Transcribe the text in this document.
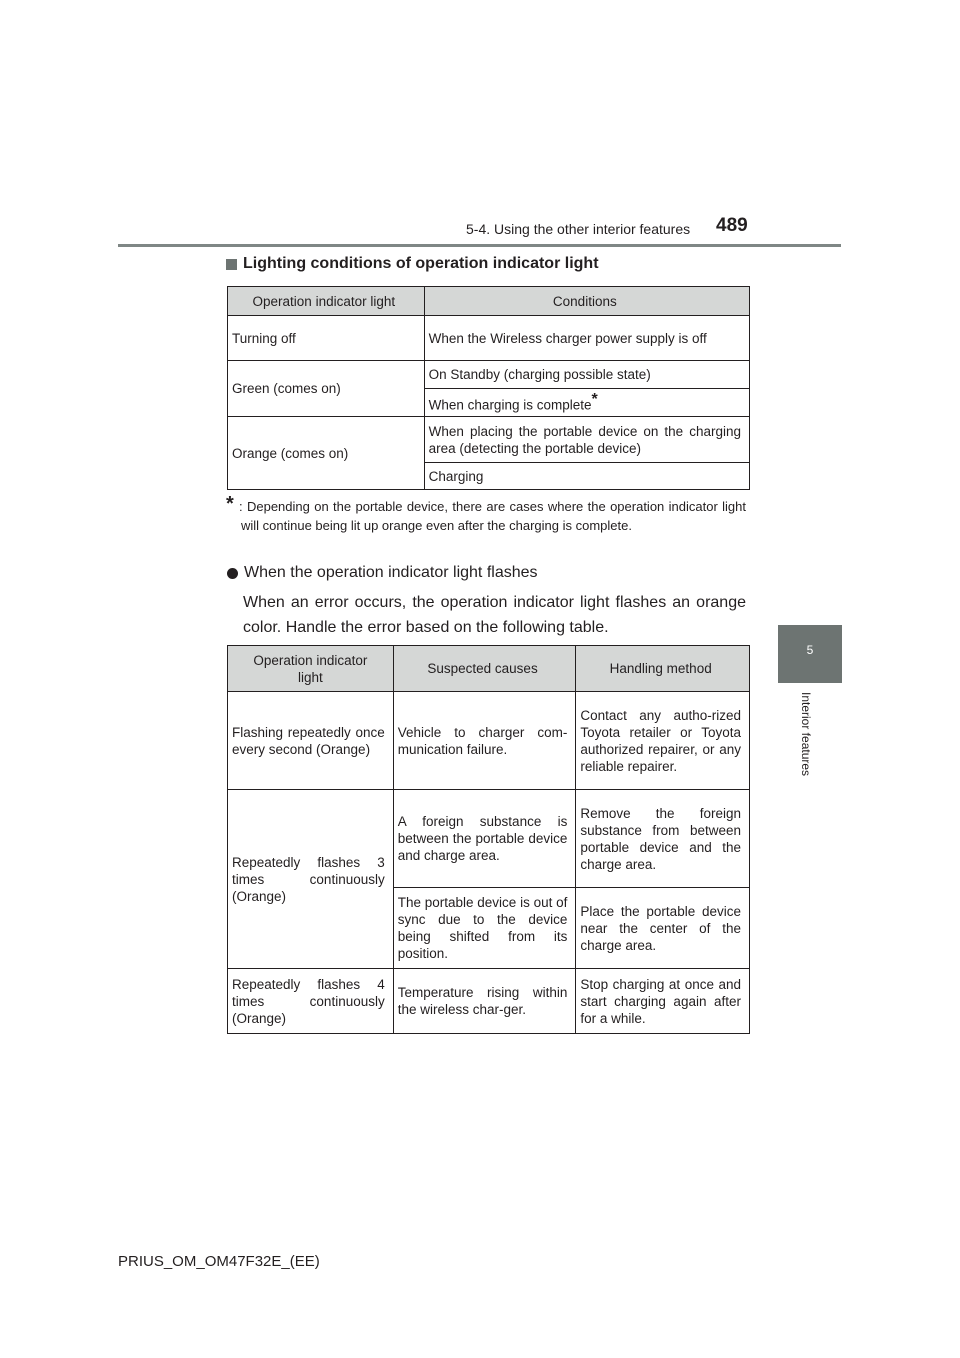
5-4. Using the other interior features 489
5
Interior features
Lighting conditions of operation indicator light
Operation indicator light	Conditions
Turning off	When the Wireless charger power supply is off
Green (comes on)	On Standby (charging possible state)
	When charging is complete*
Orange (comes on)	When placing the portable device on the charging area (detecting the portable device)
	Charging
* : Depending on the portable device, there are cases where the operation indicator light will continue being lit up orange even after the charging is complete.

When the operation indicator light flashes

When an error occurs, the operation indicator light flashes an orange color. Handle the error based on the following table.

Operation indicator light	Suspected causes	Handling method
Flashing repeatedly once every second (Orange)	Vehicle to charger com-munication failure.	Contact any autho-rized Toyota retailer or Toyota authorized repairer, or any reliable repairer.
Repeatedly flashes 3 times continuously (Orange)	A foreign substance is between the portable device and charge area.	Remove the foreign substance from between portable device and the charge area.
	The portable device is out of sync due to the device being shifted from its position.	Place the portable device near the center of the charge area.
Repeatedly flashes 4 times continuously (Orange)	Temperature rising within the wireless char-ger.	Stop charging at once and start charging again after for a while.
PRIUS_OM_OM47F32E_(EE)
